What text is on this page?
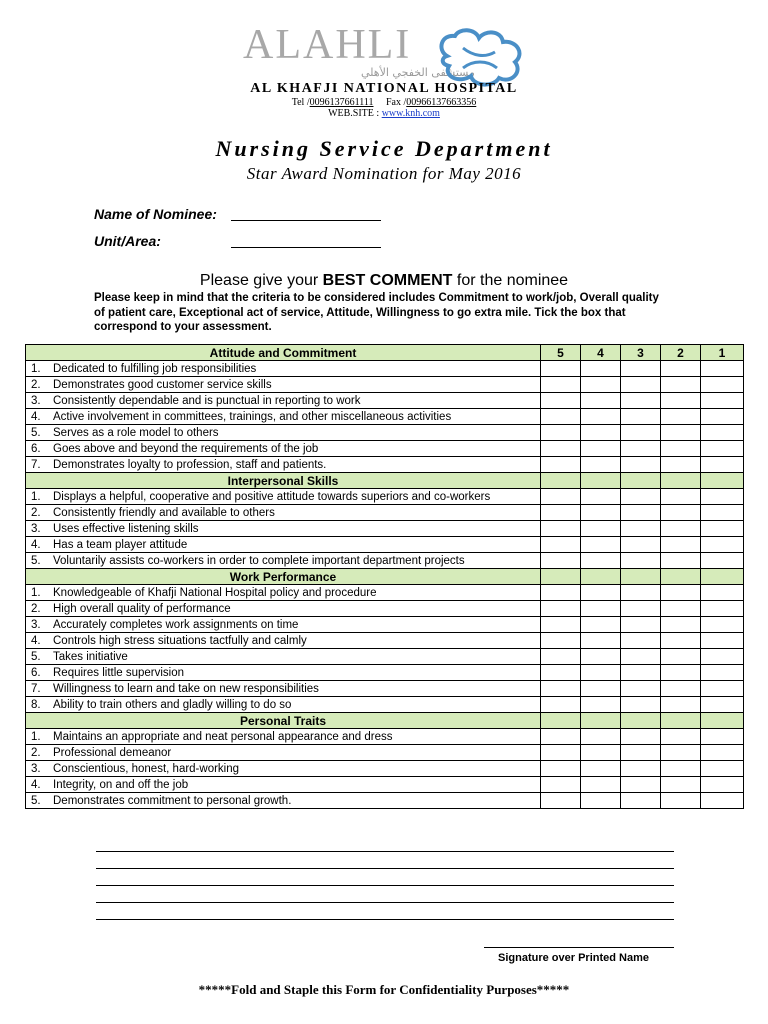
ALAHLI
مستشفى الخفجي الأهلي
AL KHAFJI NATIONAL HOSPITAL
Tel /0096137661111 Fax /00966137663356
WEB.SITE : www.knh.com
Nursing Service Department
Star Award Nomination for May 2016
Name of Nominee:
Unit/Area:
Please give your BEST COMMENT for the nominee
Please keep in mind that the criteria to be considered includes Commitment to work/job, Overall quality of patient care, Exceptional act of service, Attitude, Willingness to go extra mile. Tick the box that correspond to your assessment.
Attitude and Commitment	5	4	3	2	1

1. Dedicated to fulfilling job responsibilities					

2. Demonstrates good customer service skills					

3. Consistently dependable and is punctual in reporting to work					

4. Active involvement in committees, trainings, and other miscellaneous activities					

5. Serves as a role model to others					

6. Goes above and beyond the requirements of the job					

7. Demonstrates loyalty to profession, staff and patients.					

Interpersonal Skills					

1. Displays a helpful, cooperative and positive attitude towards superiors and co-workers					

2. Consistently friendly and available to others					

3. Uses effective listening skills					

4. Has a team player attitude					

5. Voluntarily assists co-workers in order to complete important department projects					

Work Performance					

1. Knowledgeable of Khafji National Hospital policy and procedure					

2. High overall quality of performance					

3. Accurately completes work assignments on time					

4. Controls high stress situations tactfully and calmly					

5. Takes initiative					

6. Requires little supervision					

7. Willingness to learn and take on new responsibilities					

8. Ability to train others and gladly willing to do so					

Personal Traits					

1. Maintains an appropriate and neat personal appearance and dress					

2. Professional demeanor					

3. Conscientious, honest, hard-working					

4. Integrity, on and off the job					

5. Demonstrates commitment to personal growth.					

Signature over Printed Name
*****Fold and Staple this Form for Confidentiality Purposes*****
